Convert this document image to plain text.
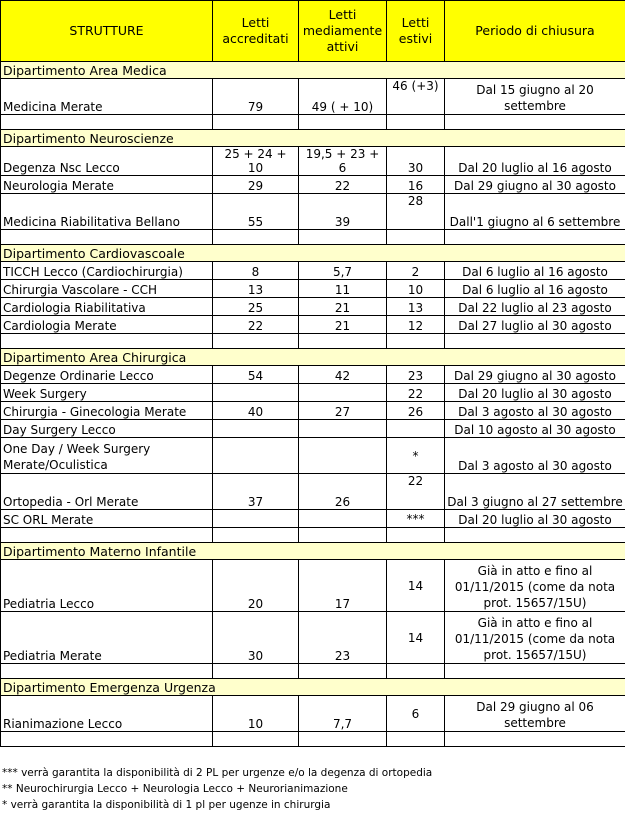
STRUTTURE	Letti accreditati	Letti mediamente attivi	Letti estivi	Periodo di chiusura
Dipartimento Area Medica				
Medicina Merate	79	49 ( + 10)	46 (+3)	Dal 15 giugno al 20 settembre

Dipartimento Neuroscienze				
Degenza Nsc Lecco	25 + 24 + 10	19,5 + 23 + 6	30	Dal 20 luglio al 16 agosto
Neurologia Merate	29	22	16	Dal 29 giugno al 30 agosto
Medicina Riabilitativa Bellano	55	39	28	Dall'1 giugno al 6 settembre

Dipartimento Cardiovascoale				
TICCH Lecco (Cardiochirurgia)	8	5,7	2	Dal 6 luglio al 16 agosto
Chirurgia Vascolare - CCH	13	11	10	Dal 6 luglio al 16 agosto
Cardiologia Riabilitativa	25	21	13	Dal 22 luglio al 23 agosto
Cardiologia Merate	22	21	12	Dal 27 luglio al 30 agosto

Dipartimento Area Chirurgica				
Degenze Ordinarie Lecco	54	42	23	Dal 29 giugno al 30 agosto
Week Surgery			22	Dal 20 luglio al 30 agosto
Chirurgia - Ginecologia Merate	40	27	26	Dal 3 agosto al 30 agosto
Day Surgery Lecco				Dal 10 agosto al 30 agosto
One Day / Week Surgery Merate/Oculistica			*	Dal 3 agosto al 30 agosto
Ortopedia - Orl Merate	37	26	22	Dal 3 giugno al 27 settembre
SC ORL Merate			***	Dal 20 luglio al 30 agosto

Dipartimento Materno Infantile				
Pediatria Lecco	20	17	14	Già in atto e fino al 01/11/2015 (come da nota prot. 15657/15U)
Pediatria Merate	30	23	14	Già in atto e fino al 01/11/2015 (come da nota prot. 15657/15U)

Dipartimento Emergenza Urgenza				
Rianimazione Lecco	10	7,7	6	Dal 29 giugno al 06 settembre

*** verrà garantita la disponibilità di 2 PL per urgenze e/o la degenza di ortopedia
** Neurochirurgia Lecco + Neurologia Lecco + Neurorianimazione
* verrà garantita la disponibilità di 1 pl per ugenze in chirurgia
